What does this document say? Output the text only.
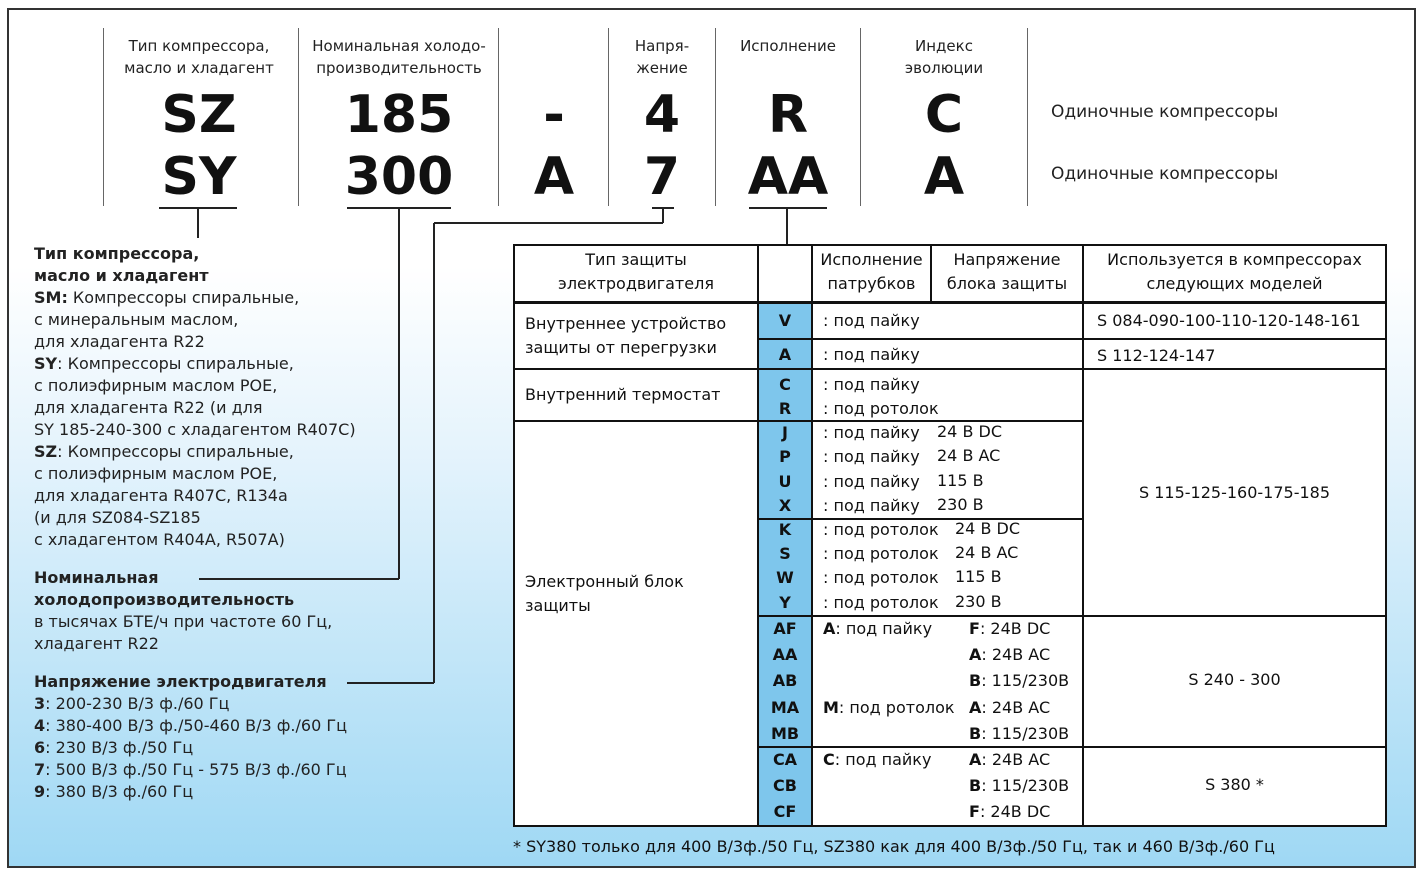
Тип компрессора,
масло и хладагент
Номинальная холодо-
производительность
Напря-
жение
Исполнение	Индекс
эволюции
SZ
SY
185
300
-
A
4
7
R
AA
C
A
Одиночные компрессоры
Одиночные компрессоры
Тип компрессора,
масло и хладагент
SM: Компрессоры спиральные,
с минеральным маслом,
для хладагента R22
SY: Компрессоры спиральные,
с полиэфирным маслом POE,
для хладагента R22 (и для
SY 185-240-300 с хладагентом R407C)
SZ: Компрессоры спиральные,
с полиэфирным маслом POE,
для хладагента R407C, R134a
(и для SZ084-SZ185
с хладагентом R404A, R507A)
Номинальная
холодопроизводительность
в тысячах БТЕ/ч при частоте 60 Гц,
хладагент R22
Напряжение электродвигателя
3: 200-230 В/3 ф./60 Гц
4: 380-400 В/3 ф./50-460 В/3 ф./60 Гц
6: 230 В/3 ф./50 Гц
7: 500 В/3 ф./50 Гц - 575 В/3 ф./60 Гц
9: 380 В/3 ф./60 Гц
Тип защиты
электродвигателя
Исполнение
патрубков
Напряжение
блока защиты
Используется в компрессорах
следующих моделей
Внутреннее устройство
защиты от перегрузки
Внутренний термостат
Электронный блок
защиты
V
A
C
R
J
P
U
X
K
S
W
Y
AF
AA
AB
MA
MB
CA
CB
CF
: под пайку
: под пайку
: под пайку
: под ротолок
: под пайку 24 В DC
: под пайку 24 В AC
: под пайку 115 В
: под пайку 230 В
: под ротолок 24 В DC
: под ротолок 24 В AC
: под ротолок 115 В
: под ротолок 230 В
A: под пайку
M: под ротолок
F: 24В DC
A: 24В AC
B: 115/230В
A: 24В AC
B: 115/230В
C: под пайку A: 24В AC
B: 115/230В
F: 24В DC
S 084-090-100-110-120-148-161
S 112-124-147
S 115-125-160-175-185
S 240 - 300
S 380 *
* SY380 только для 400 В/3ф./50 Гц, SZ380 как для 400 В/3ф./50 Гц, так и 460 В/3ф./60 Гц
